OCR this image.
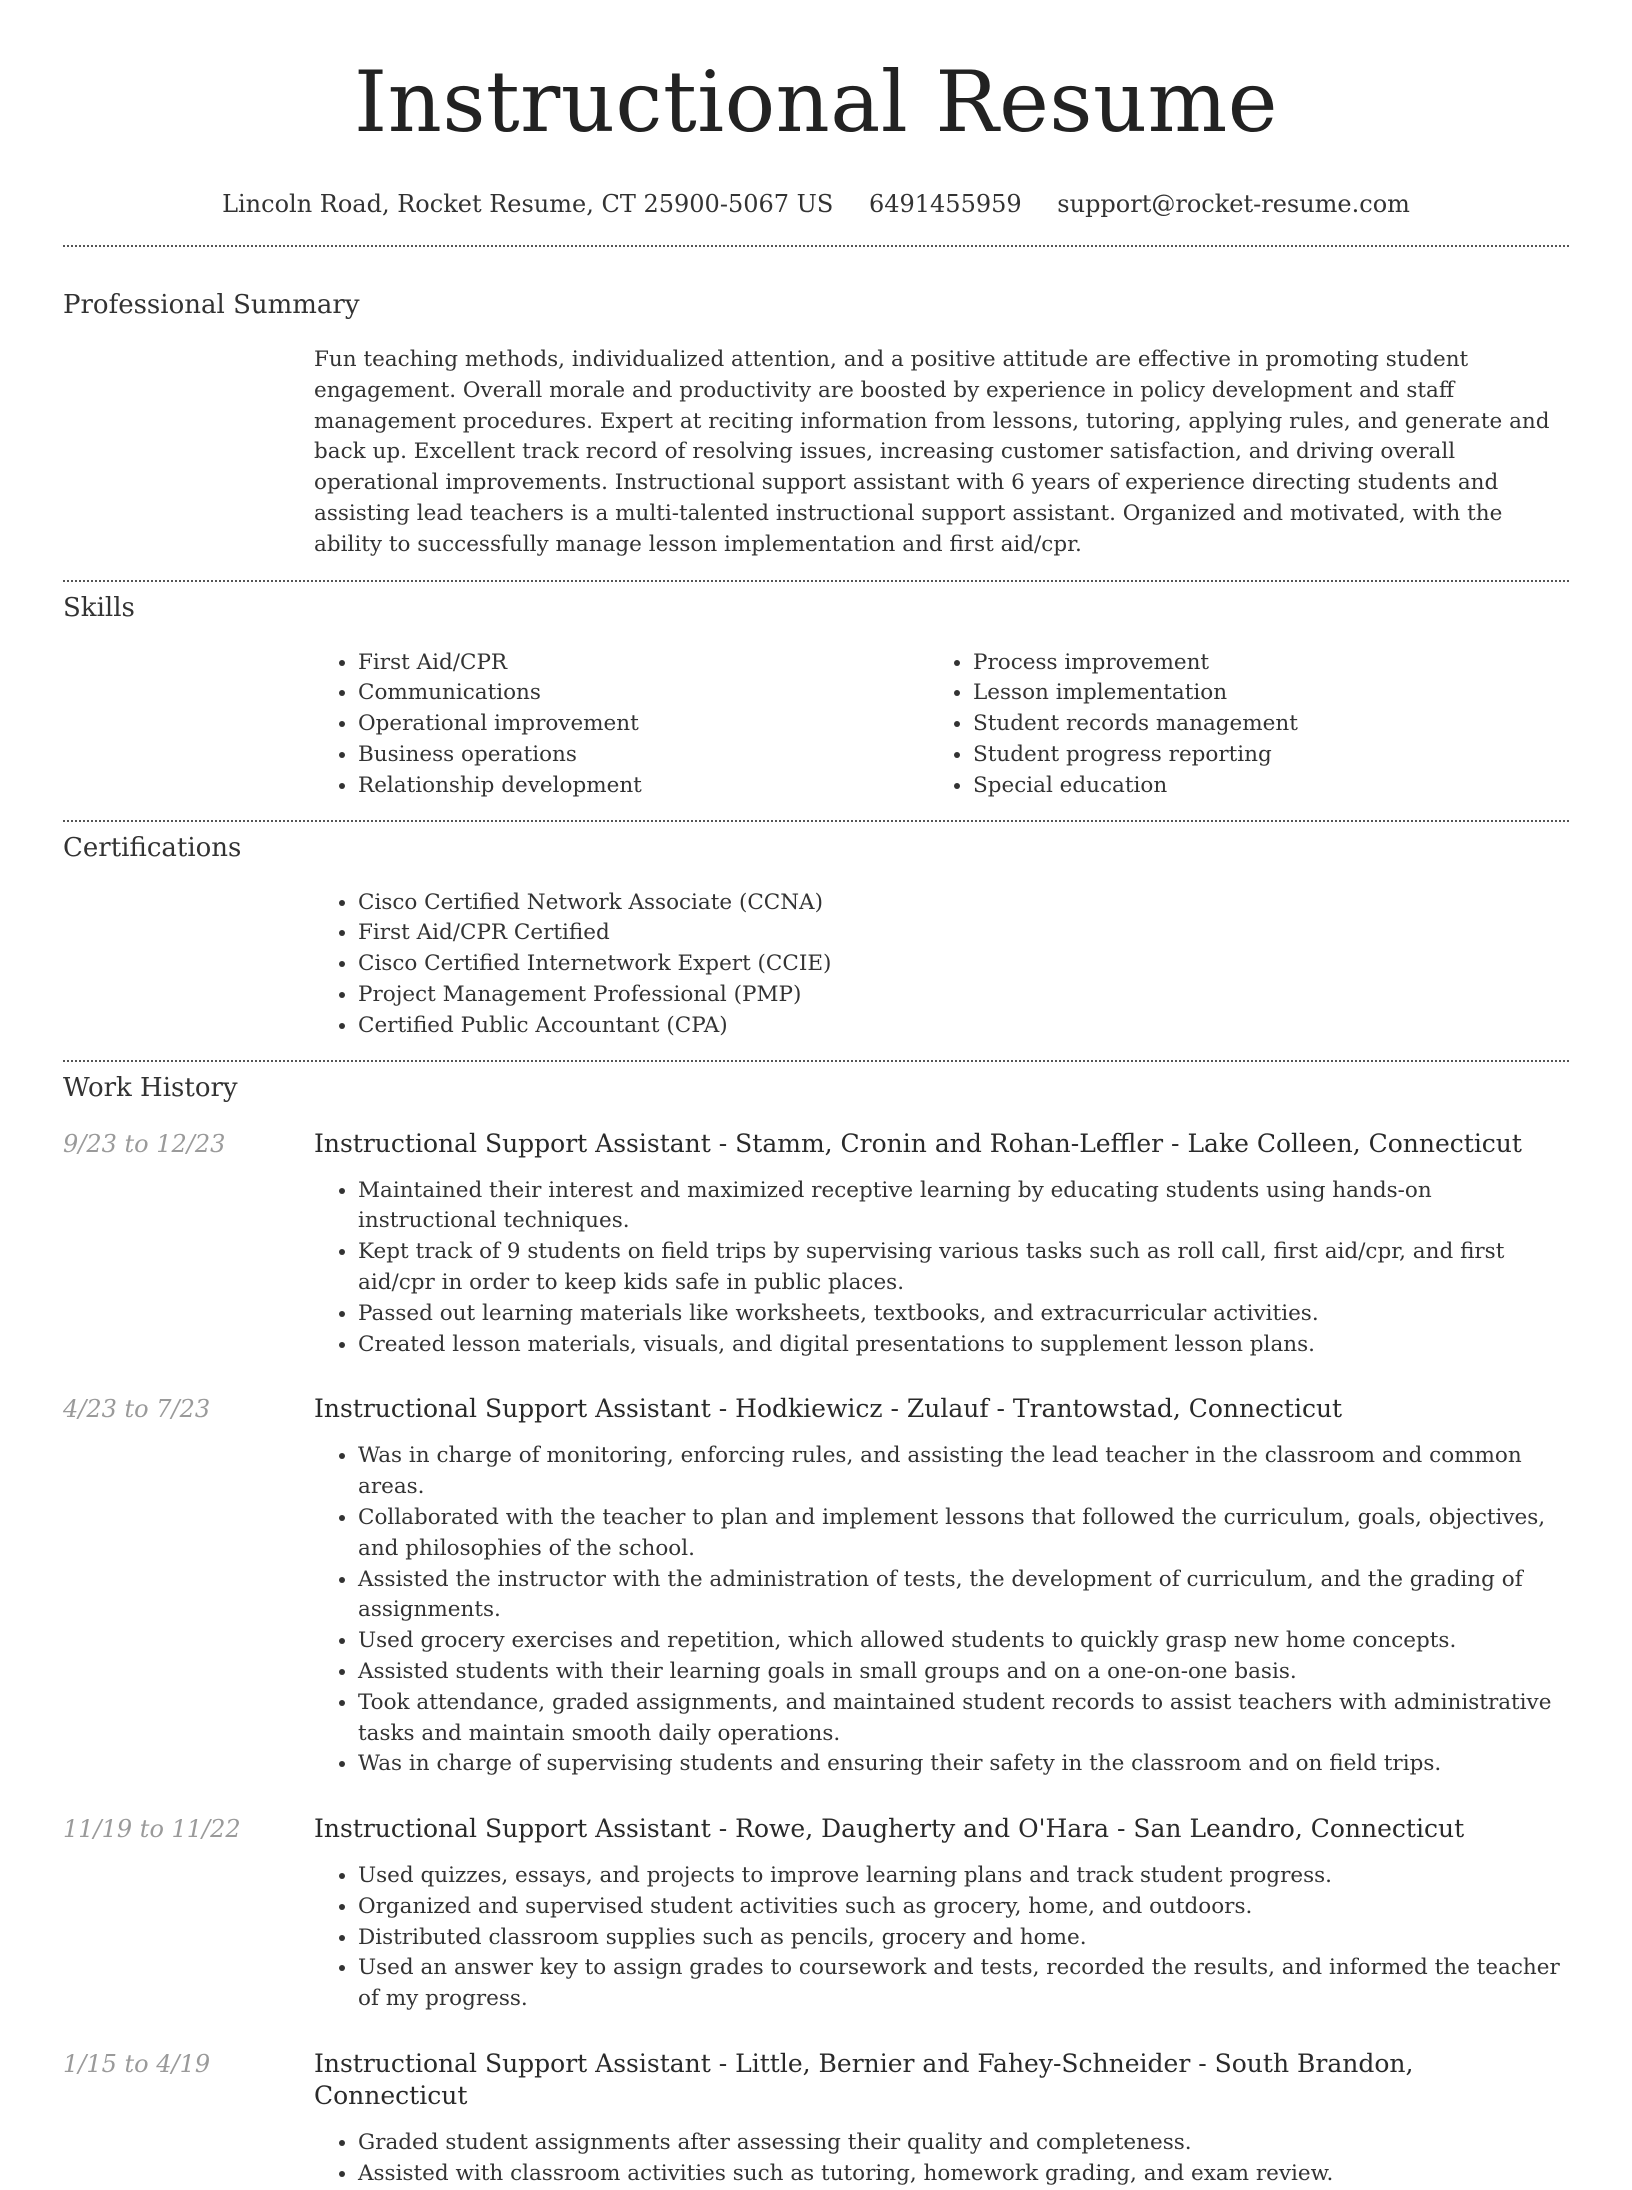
Instructional Resume
Lincoln Road, Rocket Resume, CT 25900-5067 US 6491455959 support@rocket-resume.com
Professional Summary

Fun teaching methods, individualized attention, and a positive attitude are effective in promoting student engagement. Overall morale and productivity are boosted by experience in policy development and staff management procedures. Expert at reciting information from lessons, tutoring, applying rules, and generate and back up. Excellent track record of resolving issues, increasing customer satisfaction, and driving overall operational improvements. Instructional support assistant with 6 years of experience directing students and assisting lead teachers is a multi-talented instructional support assistant. Organized and motivated, with the ability to successfully manage lesson implementation and first aid/cpr.

Skills
• First Aid/CPR
• Communications
• Operational improvement
• Business operations
• Relationship development
• Process improvement
• Lesson implementation
• Student records management
• Student progress reporting
• Special education
Certifications
• Cisco Certified Network Associate (CCNA)
• First Aid/CPR Certified
• Cisco Certified Internetwork Expert (CCIE)
• Project Management Professional (PMP)
• Certified Public Accountant (CPA)
Work History
9/23 to 12/23	Instructional Support Assistant - Stamm, Cronin and Rohan-Leffler - Lake Colleen, Connecticut
• Maintained their interest and maximized receptive learning by educating students using hands-on instructional techniques.
• Kept track of 9 students on field trips by supervising various tasks such as roll call, first aid/cpr, and first aid/cpr in order to keep kids safe in public places.
• Passed out learning materials like worksheets, textbooks, and extracurricular activities.
• Created lesson materials, visuals, and digital presentations to supplement lesson plans.
4/23 to 7/23	Instructional Support Assistant - Hodkiewicz - Zulauf - Trantowstad, Connecticut
• Was in charge of monitoring, enforcing rules, and assisting the lead teacher in the classroom and common areas.
• Collaborated with the teacher to plan and implement lessons that followed the curriculum, goals, objectives, and philosophies of the school.
• Assisted the instructor with the administration of tests, the development of curriculum, and the grading of assignments.
• Used grocery exercises and repetition, which allowed students to quickly grasp new home concepts.
• Assisted students with their learning goals in small groups and on a one-on-one basis.
• Took attendance, graded assignments, and maintained student records to assist teachers with administrative tasks and maintain smooth daily operations.
• Was in charge of supervising students and ensuring their safety in the classroom and on field trips.
11/19 to 11/22	Instructional Support Assistant - Rowe, Daugherty and O'Hara - San Leandro, Connecticut
• Used quizzes, essays, and projects to improve learning plans and track student progress.
• Organized and supervised student activities such as grocery, home, and outdoors.
• Distributed classroom supplies such as pencils, grocery and home.
• Used an answer key to assign grades to coursework and tests, recorded the results, and informed the teacher of my progress.
1/15 to 4/19	Instructional Support Assistant - Little, Bernier and Fahey-Schneider - South Brandon, Connecticut
• Graded student assignments after assessing their quality and completeness.
• Assisted with classroom activities such as tutoring, homework grading, and exam review.
